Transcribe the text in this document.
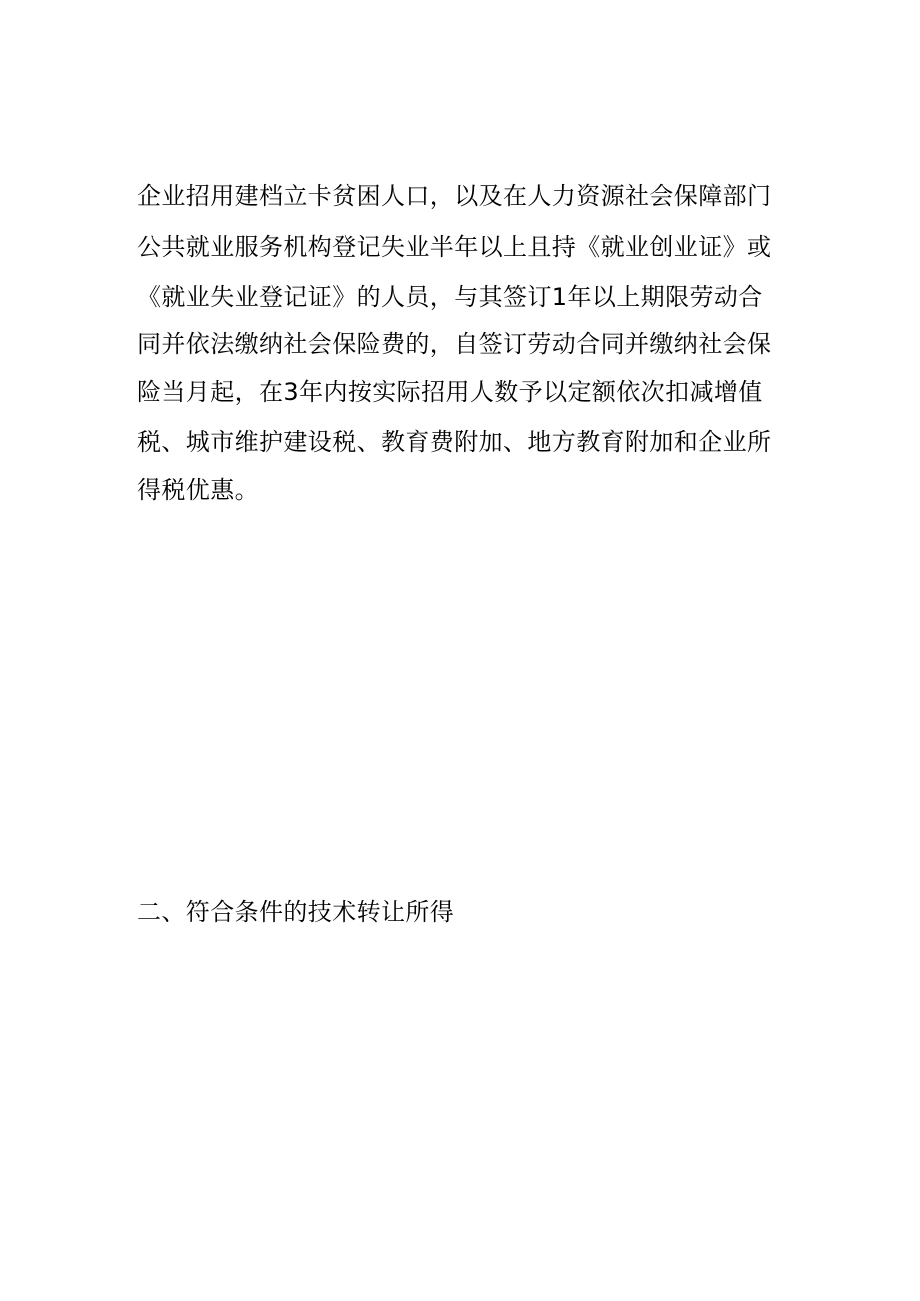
企业招用建档立卡贫困人口，以及在人力资源社会保障部门
公共就业服务机构登记失业半年以上且持《就业创业证》或
《就业失业登记证》的人员，与其签订1年以上期限劳动合
同并依法缴纳社会保险费的，自签订劳动合同并缴纳社会保
险当月起，在3年内按实际招用人数予以定额依次扣减增值
税、城市维护建设税、教育费附加、地方教育附加和企业所
得税优惠。
二、符合条件的技术转让所得
